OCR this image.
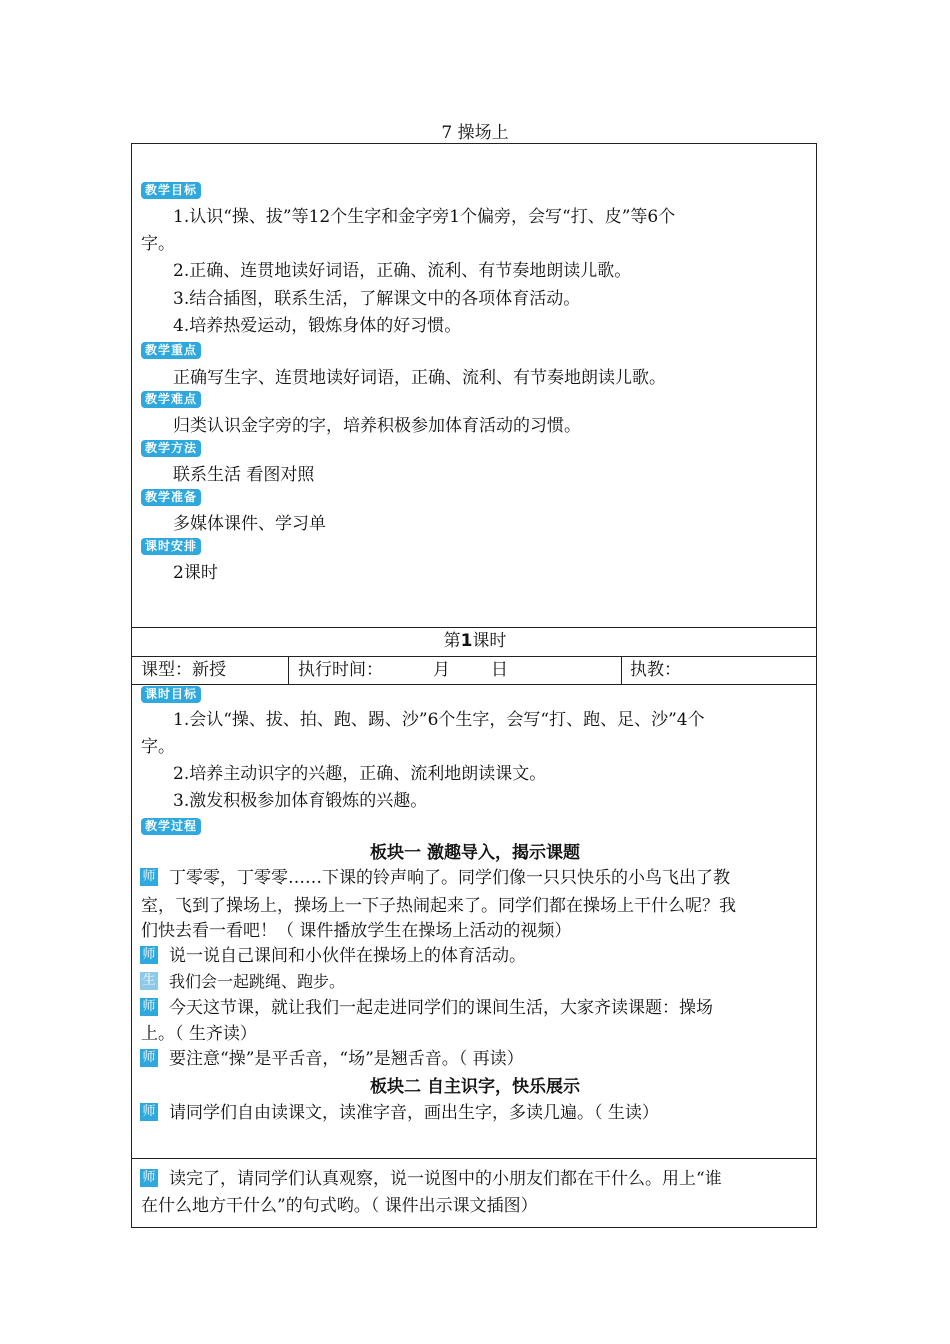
7 操场上
教学目标
1.认识“操、拔”等12个生字和金字旁1个偏旁，会写“打、皮”等6个
字。
2.正确、连贯地读好词语，正确、流利、有节奏地朗读儿歌。
3.结合插图，联系生活，了解课文中的各项体育活动。
4.培养热爱运动，锻炼身体的好习惯。
教学重点
正确写生字、连贯地读好词语，正确、流利、有节奏地朗读儿歌。
教学难点
归类认识金字旁的字，培养积极参加体育活动的习惯。
教学方法
联系生活 看图对照
教学准备
多媒体课件、学习单
课时安排
2课时
第1课时
课型：新授	执行时间：	月 日	执教：
课时目标
1.会认“操、拔、拍、跑、踢、沙”6个生字，会写“打、跑、足、沙”4个
字。
2.培养主动识字的兴趣，正确、流利地朗读课文。
3.激发积极参加体育锻炼的兴趣。
教学过程
板块一 激趣导入，揭示课题
师 丁零零，丁零零……下课的铃声响了。同学们像一只只快乐的小鸟飞出了教
室，飞到了操场上，操场上一下子热闹起来了。同学们都在操场上干什么呢？我
们快去看一看吧！（ 课件播放学生在操场上活动的视频）
师 说一说自己课间和小伙伴在操场上的体育活动。
生 我们会一起跳绳、跑步。
师 今天这节课，就让我们一起走进同学们的课间生活，大家齐读课题：操场
上。（ 生齐读）
师 要注意“操”是平舌音，“场”是翘舌音。（ 再读）
板块二 自主识字，快乐展示
师 请同学们自由读课文，读准字音，画出生字，多读几遍。（ 生读）
师 读完了，请同学们认真观察，说一说图中的小朋友们都在干什么。用上“谁
在什么地方干什么”的句式哟。（ 课件出示课文插图）
